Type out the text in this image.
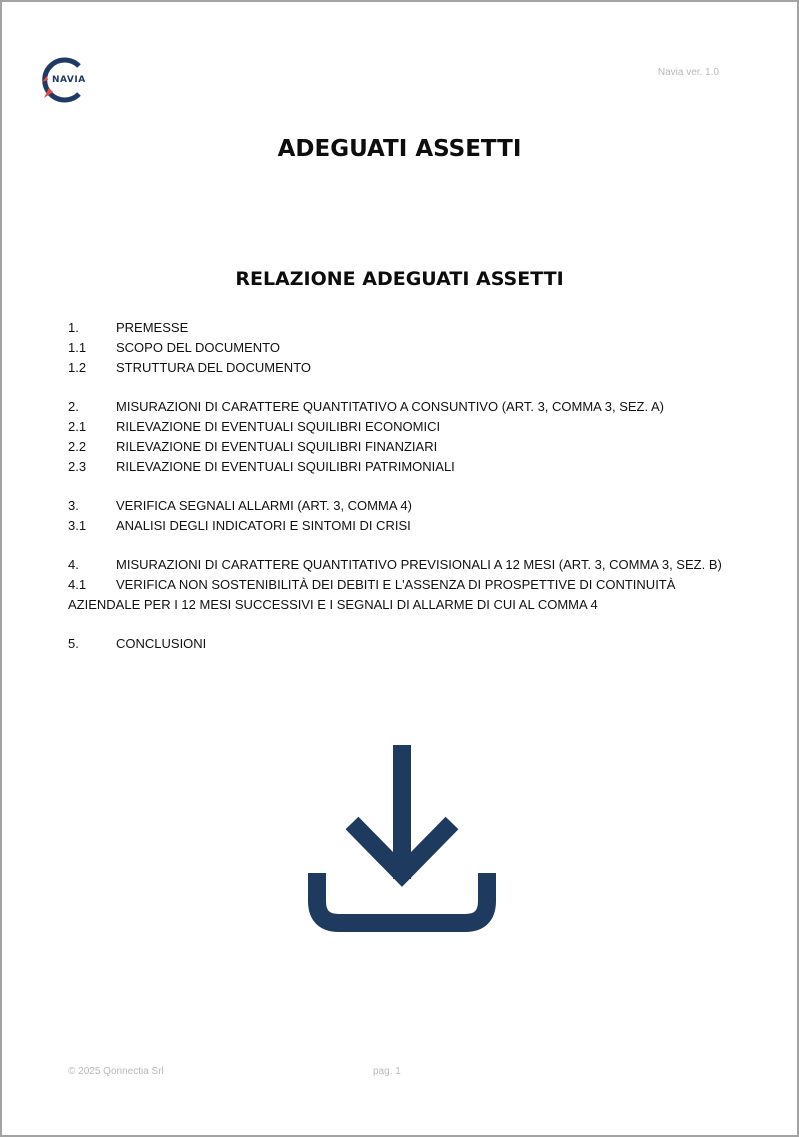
NAVIA
Navia ver. 1.0
ADEGUATI ASSETTI
RELAZIONE ADEGUATI ASSETTI
1.	PREMESSE
1.1 SCOPO DEL DOCUMENTO
1.2 STRUTTURA DEL DOCUMENTO
2.	MISURAZIONI DI CARATTERE QUANTITATIVO A CONSUNTIVO (ART. 3, COMMA 3, SEZ. A)
2.1 RILEVAZIONE DI EVENTUALI SQUILIBRI ECONOMICI
2.2 RILEVAZIONE DI EVENTUALI SQUILIBRI FINANZIARI
2.3 RILEVAZIONE DI EVENTUALI SQUILIBRI PATRIMONIALI
3.	VERIFICA SEGNALI ALLARMI (ART. 3, COMMA 4)
3.1 ANALISI DEGLI INDICATORI E SINTOMI DI CRISI
4.	MISURAZIONI DI CARATTERE QUANTITATIVO PREVISIONALI A 12 MESI (ART. 3, COMMA 3, SEZ. B)
4.1 VERIFICA NON SOSTENIBILITÀ DEI DEBITI E L'ASSENZA DI PROSPETTIVE DI CONTINUITÀ AZIENDALE PER I 12 MESI SUCCESSIVI E I SEGNALI DI ALLARME DI CUI AL COMMA 4
5.	CONCLUSIONI
© 2025 Qonnectia Srl	pag. 1
